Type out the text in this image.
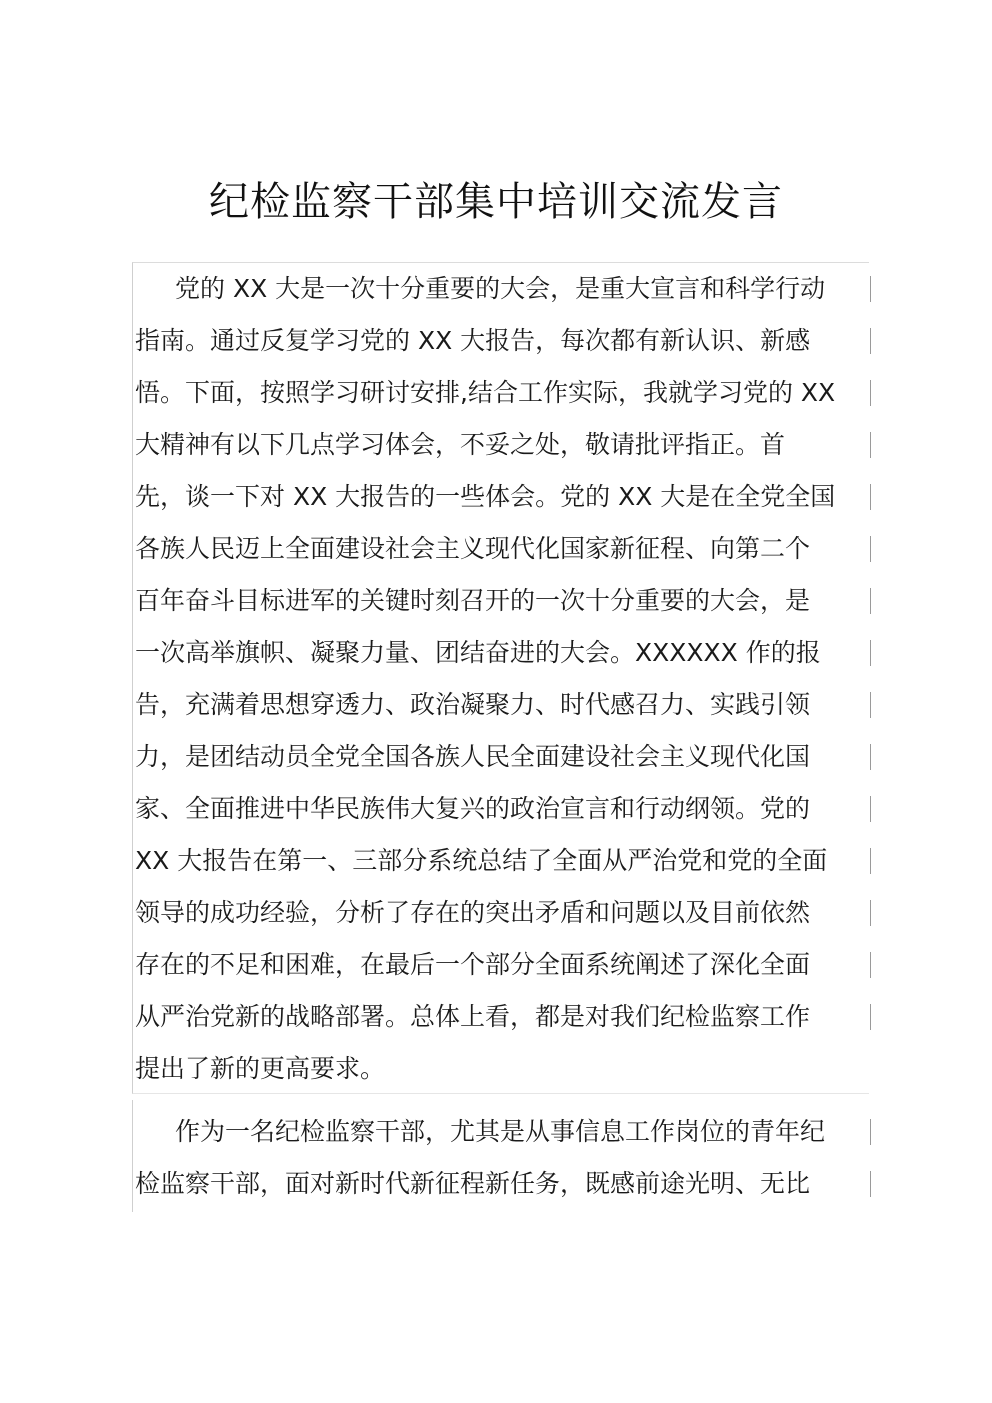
纪检监察干部集中培训交流发言
党的 XX 大是一次十分重要的大会，是重大宣言和科学行动
指南。通过反复学习党的 XX 大报告，每次都有新认识、新感
悟。下面，按照学习研讨安排,结合工作实际，我就学习党的 XX
大精神有以下几点学习体会，不妥之处，敬请批评指正。首
先，谈一下对 XX 大报告的一些体会。党的 XX 大是在全党全国
各族人民迈上全面建设社会主义现代化国家新征程、向第二个
百年奋斗目标进军的关键时刻召开的一次十分重要的大会，是
一次高举旗帜、凝聚力量、团结奋进的大会。XXXXXX 作的报
告，充满着思想穿透力、政治凝聚力、时代感召力、实践引领
力，是团结动员全党全国各族人民全面建设社会主义现代化国
家、全面推进中华民族伟大复兴的政治宣言和行动纲领。党的
XX 大报告在第一、三部分系统总结了全面从严治党和党的全面
领导的成功经验，分析了存在的突出矛盾和问题以及目前依然
存在的不足和困难，在最后一个部分全面系统阐述了深化全面
从严治党新的战略部署。总体上看，都是对我们纪检监察工作
提出了新的更高要求。
作为一名纪检监察干部，尤其是从事信息工作岗位的青年纪
检监察干部，面对新时代新征程新任务，既感前途光明、无比
